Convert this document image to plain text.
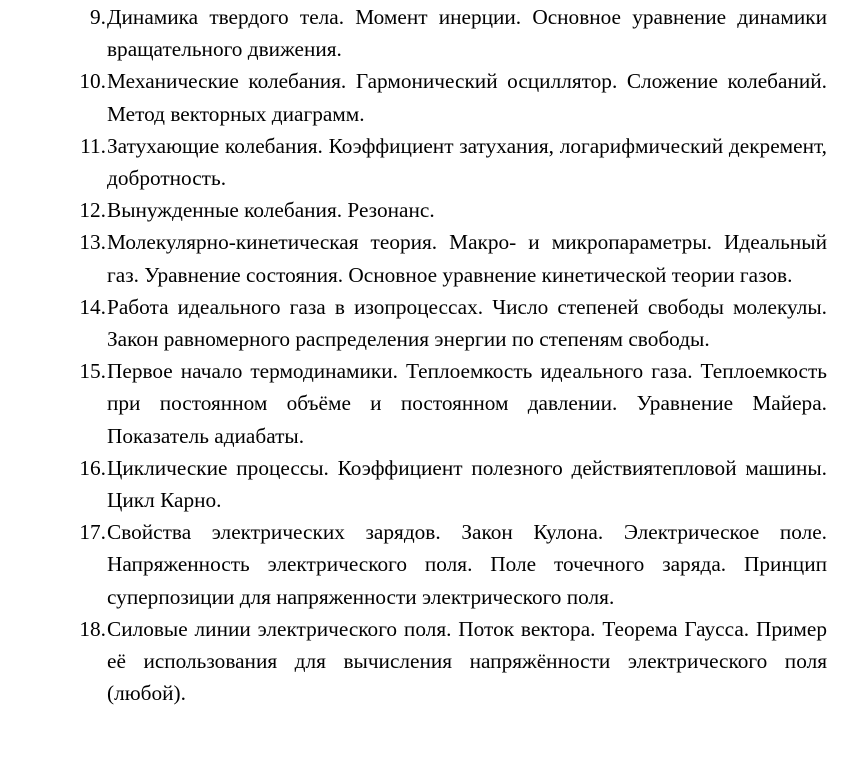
9. Динамика твердого тела. Момент инерции. Основное уравнение динамики вращательного движения.
10. Механические колебания. Гармонический осциллятор. Сложение колебаний. Метод векторных диаграмм.
11. Затухающие колебания. Коэффициент затухания, логарифмический декремент, добротность.
12. Вынужденные колебания. Резонанс.
13. Молекулярно-кинетическая теория. Макро- и микропараметры. Идеальный газ. Уравнение состояния. Основное уравнение кинетической теории газов.
14. Работа идеального газа в изопроцессах. Число степеней свободы молекулы. Закон равномерного распределения энергии по степеням свободы.
15. Первое начало термодинамики. Теплоемкость идеального газа. Теплоемкость при постоянном объёме и постоянном давлении. Уравнение Майера. Показатель адиабаты.
16. Циклические процессы. Коэффициент полезного действиятепловой машины. Цикл Карно.
17. Свойства электрических зарядов. Закон Кулона. Электрическое поле. Напряженность электрического поля. Поле точечного заряда. Принцип суперпозиции для напряженности электрического поля.
18. Силовые линии электрического поля. Поток вектора. Теорема Гаусса. Пример её использования для вычисления напряжённости электрического поля (любой).
